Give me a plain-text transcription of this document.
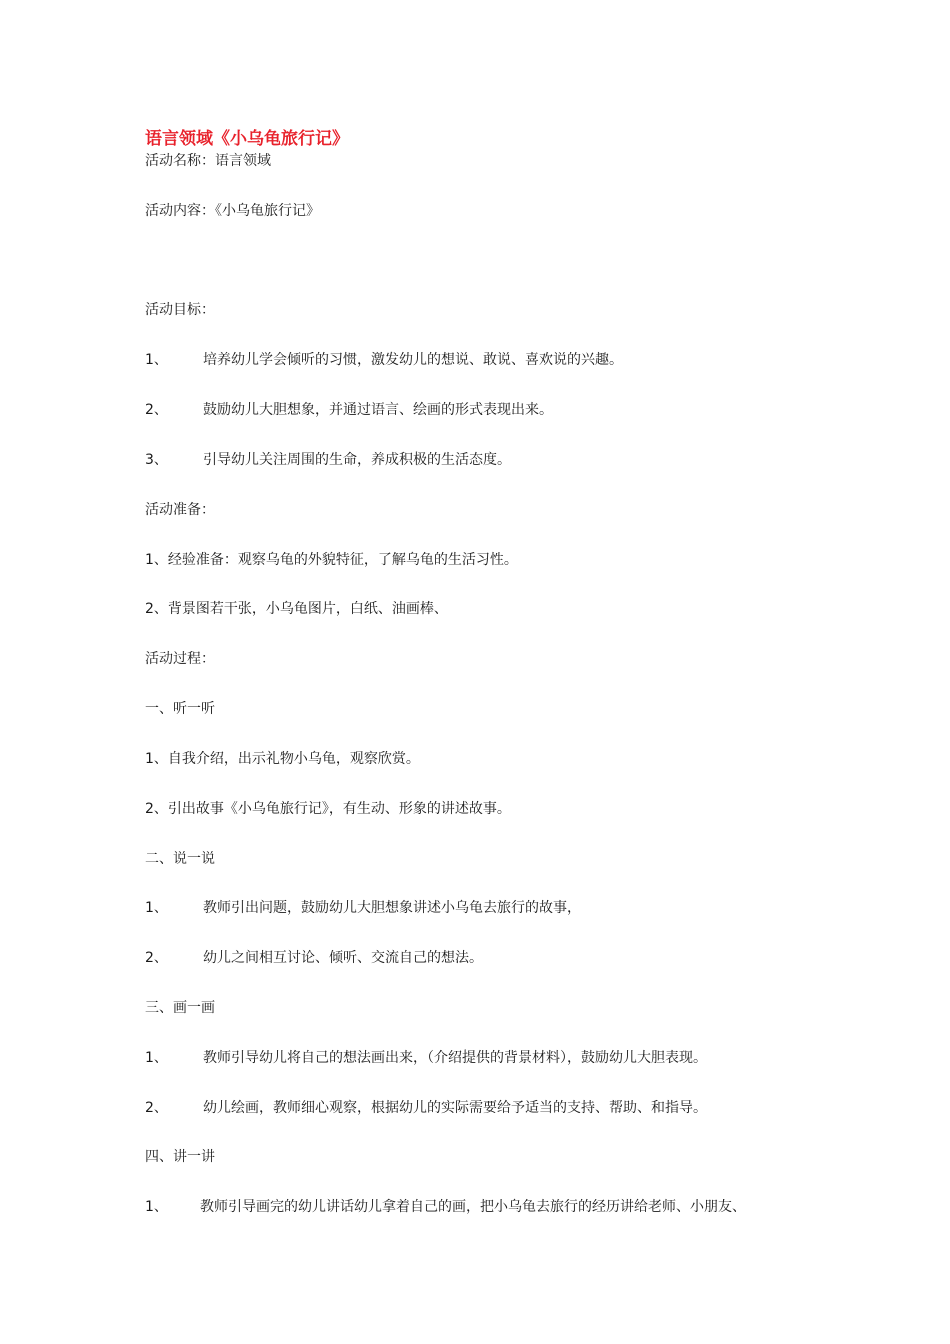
语言领域《小乌龟旅行记》
活动名称：语言领域
活动内容：《小乌龟旅行记》
活动目标：
1、	培养幼儿学会倾听的习惯，激发幼儿的想说、敢说、喜欢说的兴趣。
2、	鼓励幼儿大胆想象，并通过语言、绘画的形式表现出来。
3、	引导幼儿关注周围的生命，养成积极的生活态度。
活动准备：
1、经验准备：观察乌龟的外貌特征，了解乌龟的生活习性。
2、背景图若干张，小乌龟图片，白纸、油画棒、
活动过程：
一、听一听
1、自我介绍，出示礼物小乌龟，观察欣赏。
2、引出故事《小乌龟旅行记》，有生动、形象的讲述故事。
二、说一说
1、	教师引出问题，鼓励幼儿大胆想象讲述小乌龟去旅行的故事，
2、	幼儿之间相互讨论、倾听、交流自己的想法。
三、画一画
1、	教师引导幼儿将自己的想法画出来，（介绍提供的背景材料），鼓励幼儿大胆表现。
2、	幼儿绘画，教师细心观察，根据幼儿的实际需要给予适当的支持、帮助、和指导。
四、讲一讲
1、 教师引导画完的幼儿讲话幼儿拿着自己的画，把小乌龟去旅行的经历讲给老师、小朋友、
